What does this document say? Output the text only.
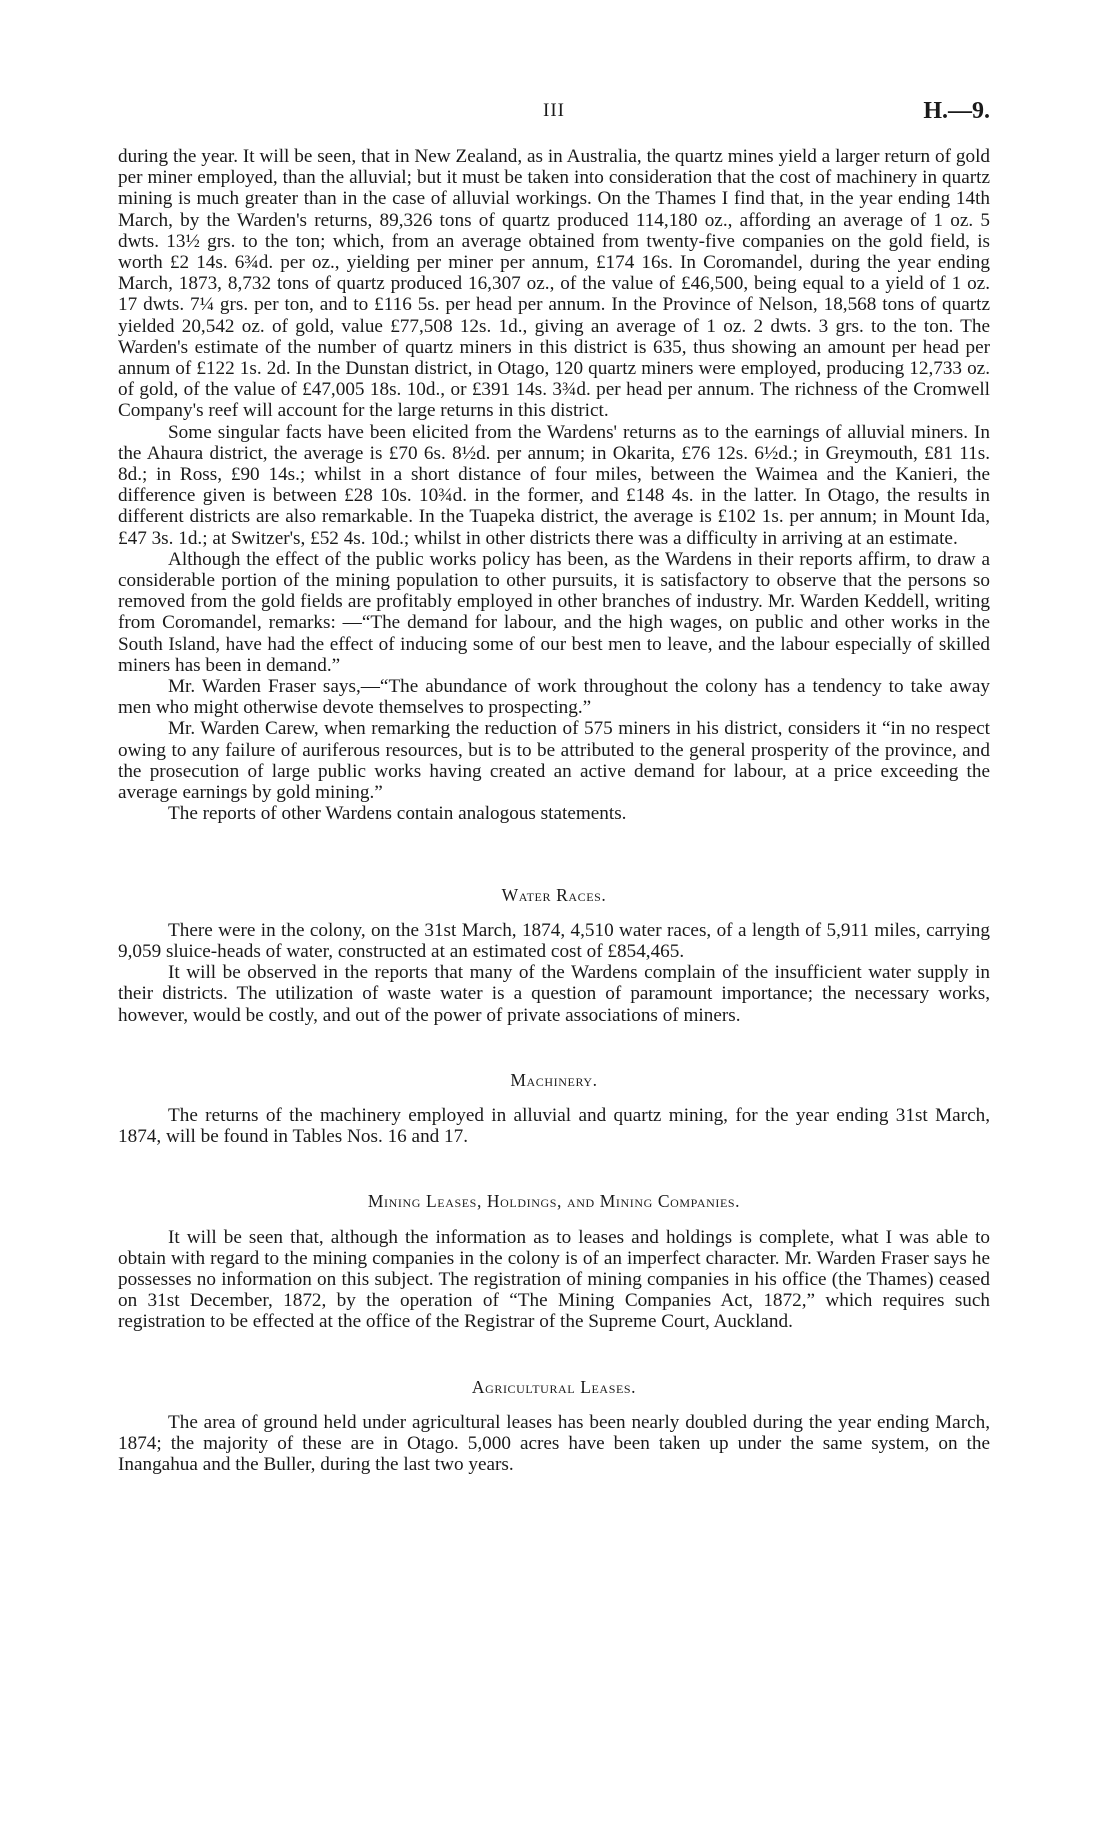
III	H.—9.

during the year. It will be seen, that in New Zealand, as in Australia, the quartz mines yield a larger return of gold per miner employed, than the alluvial; but it must be taken into consideration that the cost of machinery in quartz mining is much greater than in the case of alluvial workings. On the Thames I find that, in the year ending 14th March, by the Warden's returns, 89,326 tons of quartz produced 114,180 oz., affording an average of 1 oz. 5 dwts. 13½ grs. to the ton; which, from an average obtained from twenty-five companies on the gold field, is worth £2 14s. 6¾d. per oz., yielding per miner per annum, £174 16s. In Coromandel, during the year ending March, 1873, 8,732 tons of quartz produced 16,307 oz., of the value of £46,500, being equal to a yield of 1 oz. 17 dwts. 7¼ grs. per ton, and to £116 5s. per head per annum. In the Province of Nelson, 18,568 tons of quartz yielded 20,542 oz. of gold, value £77,508 12s. 1d., giving an average of 1 oz. 2 dwts. 3 grs. to the ton. The Warden's estimate of the number of quartz miners in this district is 635, thus showing an amount per head per annum of £122 1s. 2d. In the Dunstan district, in Otago, 120 quartz miners were employed, producing 12,733 oz. of gold, of the value of £47,005 18s. 10d., or £391 14s. 3¾d. per head per annum. The richness of the Cromwell Company's reef will account for the large returns in this district.

Some singular facts have been elicited from the Wardens' returns as to the earnings of alluvial miners. In the Ahaura district, the average is £70 6s. 8½d. per annum; in Okarita, £76 12s. 6½d.; in Greymouth, £81 11s. 8d.; in Ross, £90 14s.; whilst in a short distance of four miles, between the Waimea and the Kanieri, the difference given is between £28 10s. 10¾d. in the former, and £148 4s. in the latter. In Otago, the results in different districts are also remarkable. In the Tuapeka district, the average is £102 1s. per annum; in Mount Ida, £47 3s. 1d.; at Switzer's, £52 4s. 10d.; whilst in other districts there was a difficulty in arriving at an estimate.

Although the effect of the public works policy has been, as the Wardens in their reports affirm, to draw a considerable portion of the mining population to other pursuits, it is satisfactory to observe that the persons so removed from the gold fields are profitably employed in other branches of industry. Mr. Warden Keddell, writing from Coromandel, remarks: —“The demand for labour, and the high wages, on public and other works in the South Island, have had the effect of inducing some of our best men to leave, and the labour especially of skilled miners has been in demand.”

Mr. Warden Fraser says,—“The abundance of work throughout the colony has a tendency to take away men who might otherwise devote themselves to prospecting.”

Mr. Warden Carew, when remarking the reduction of 575 miners in his district, considers it “in no respect owing to any failure of auriferous resources, but is to be attributed to the general prosperity of the province, and the prosecution of large public works having created an active demand for labour, at a price exceeding the average earnings by gold mining.”

The reports of other Wardens contain analogous statements.

Water Races.

There were in the colony, on the 31st March, 1874, 4,510 water races, of a length of 5,911 miles, carrying 9,059 sluice-heads of water, constructed at an estimated cost of £854,465.

It will be observed in the reports that many of the Wardens complain of the insufficient water supply in their districts. The utilization of waste water is a question of paramount importance; the necessary works, however, would be costly, and out of the power of private associations of miners.

Machinery.

The returns of the machinery employed in alluvial and quartz mining, for the year ending 31st March, 1874, will be found in Tables Nos. 16 and 17.

Mining Leases, Holdings, and Mining Companies.

It will be seen that, although the information as to leases and holdings is complete, what I was able to obtain with regard to the mining companies in the colony is of an imperfect character. Mr. Warden Fraser says he possesses no information on this subject. The registration of mining companies in his office (the Thames) ceased on 31st December, 1872, by the operation of “The Mining Companies Act, 1872,” which requires such registration to be effected at the office of the Registrar of the Supreme Court, Auckland.

Agricultural Leases.

The area of ground held under agricultural leases has been nearly doubled during the year ending March, 1874; the majority of these are in Otago. 5,000 acres have been taken up under the same system, on the Inangahua and the Buller, during the last two years.
